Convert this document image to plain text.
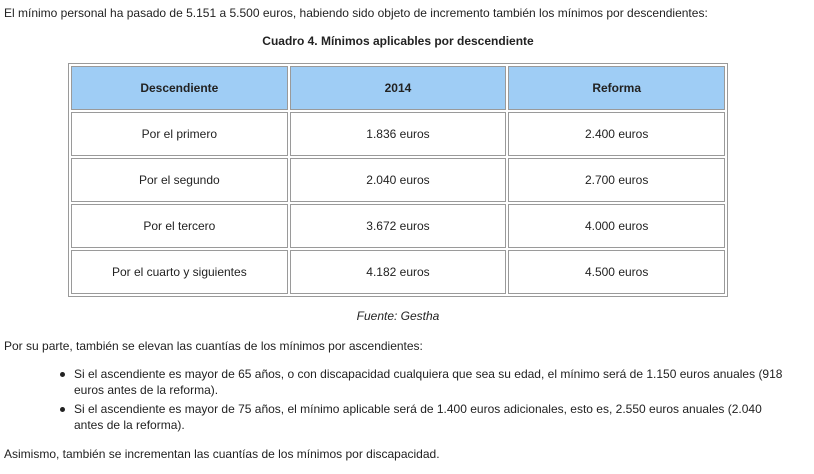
El mínimo personal ha pasado de 5.151 a 5.500 euros, habiendo sido objeto de incremento también los mínimos por descendientes:

Cuadro 4. Mínimos aplicables por descendiente
Descendiente	2014	Reforma
Por el primero	1.836 euros	2.400 euros
Por el segundo	2.040 euros	2.700 euros
Por el tercero	3.672 euros	4.000 euros
Por el cuarto y siguientes	4.182 euros	4.500 euros
Fuente: Gestha

Por su parte, también se elevan las cuantías de los mínimos por ascendientes:

Si el ascendiente es mayor de 65 años, o con discapacidad cualquiera que sea su edad, el mínimo será de 1.150 euros anuales (918 euros antes de la reforma).
Si el ascendiente es mayor de 75 años, el mínimo aplicable será de 1.400 euros adicionales, esto es, 2.550 euros anuales (2.040 antes de la reforma).

Asimismo, también se incrementan las cuantías de los mínimos por discapacidad.
